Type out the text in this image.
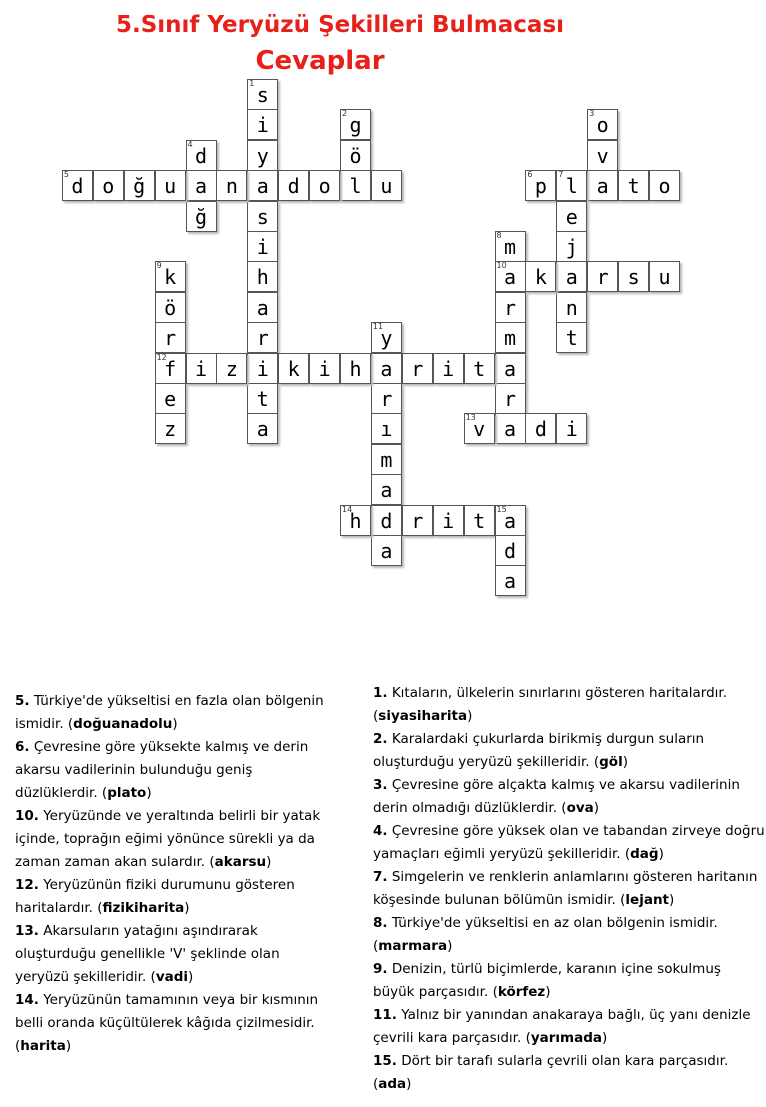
5.Sınıf Yeryüzü Şekilleri Bulmacası
Cevaplar
1 s
i
y
a
s
i
h
a
r
i
t
a
2 g
ö
l
3 o
v
a
4 d
a
ğ
5 d o ğ u	n	d o	u	6 p	7 l	t o
e
j
a
n
t
8 m
10
a
r
m
a
r
a
9 k
ö
r
12
f
e
z
k	r s u
11
y
a
r
ı
m
a
d
a
i z	k i h	r i t
13
v	d i
14
h	r i t	15
a
d
a
5. Türkiye'de yükseltisi en fazla olan bölgenin ismidir. (doğuanadolu)
6. Çevresine göre yüksekte kalmış ve derin akarsu vadilerinin bulunduğu geniş düzlüklerdir. (plato)
10. Yeryüzünde ve yeraltında belirli bir yatak içinde, toprağın eğimi yönünce sürekli ya da zaman zaman akan sulardır. (akarsu)
12. Yeryüzünün fiziki durumunu gösteren haritalardır. (fizikiharita)
13. Akarsuların yatağını aşındırarak oluşturduğu genellikle 'V' şeklinde olan yeryüzü şekilleridir. (vadi)
14. Yeryüzünün tamamının veya bir kısmının belli oranda küçültülerek kâğıda çizilmesidir. (harita)
1. Kıtaların, ülkelerin sınırlarını gösteren haritalardır. (siyasiharita)
2. Karalardaki çukurlarda birikmiş durgun suların oluşturduğu yeryüzü şekilleridir. (göl)
3. Çevresine göre alçakta kalmış ve akarsu vadilerinin derin olmadığı düzlüklerdir. (ova)
4. Çevresine göre yüksek olan ve tabandan zirveye doğru yamaçları eğimli yeryüzü şekilleridir. (dağ)
7. Simgelerin ve renklerin anlamlarını gösteren haritanın köşesinde bulunan bölümün ismidir. (lejant)
8. Türkiye'de yükseltisi en az olan bölgenin ismidir. (marmara)
9. Denizin, türlü biçimlerde, karanın içine sokulmuş büyük parçasıdır. (körfez)
11. Yalnız bir yanından anakaraya bağlı, üç yanı denizle çevrili kara parçasıdır. (yarımada)
15. Dört bir tarafı sularla çevrili olan kara parçasıdır. (ada)
